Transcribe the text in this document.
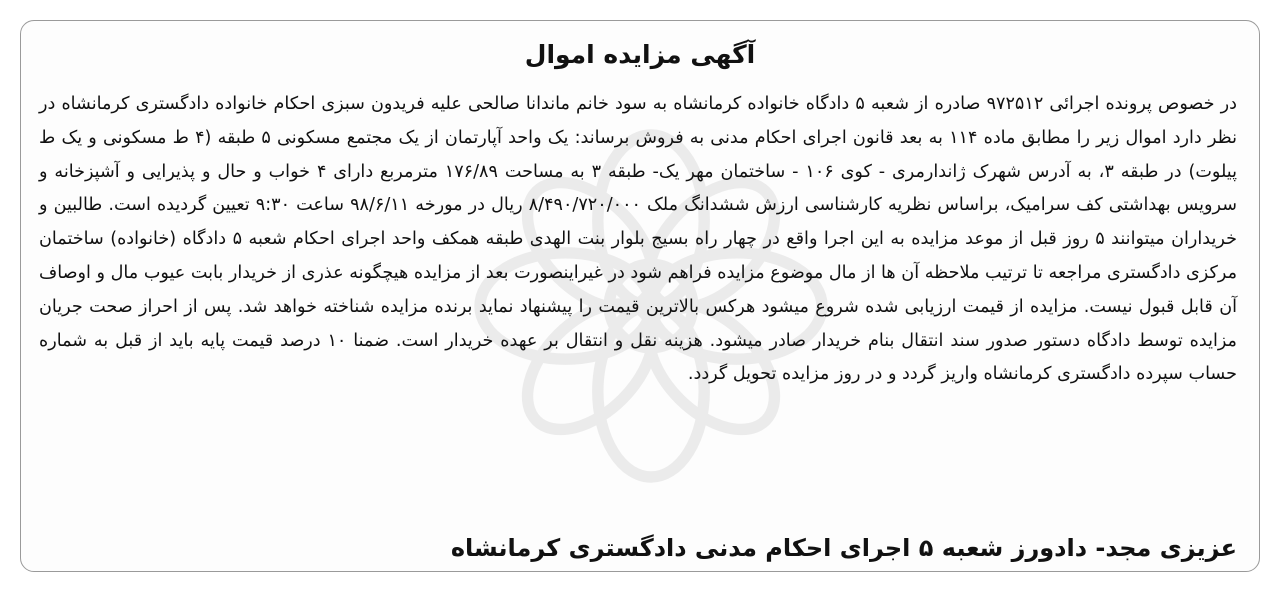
آگهی مزایده اموال

در خصوص پرونده اجرائی ۹۷۲۵۱۲ صادره از شعبه ۵ دادگاه خانواده کرمانشاه به سود خانم ماندانا صالحی علیه فریدون سبزی احکام خانواده دادگستری کرمانشاه در نظر دارد اموال زیر را مطابق ماده ۱۱۴ به بعد قانون اجرای احکام مدنی به فروش برساند: یک واحد آپارتمان از یک مجتمع مسکونی ۵ طبقه (۴ ط مسکونی و یک ط پیلوت) در طبقه ۳، به آدرس شهرک ژاندارمری - کوی ۱۰۶ - ساختمان مهر یک- طبقه ۳ به مساحت ۱۷۶/۸۹ مترمربع دارای ۴ خواب و حال و پذیرایی و آشپزخانه و سرویس بهداشتی کف سرامیک، براساس نظریه کارشناسی ارزش ششدانگ ملک ۸/۴۹۰/۷۲۰/۰۰۰ ریال در مورخه ۹۸/۶/۱۱ ساعت ۹:۳۰ تعیین گردیده است. طالبین و خریداران میتوانند ۵ روز قبل از موعد مزایده به این اجرا واقع در چهار راه بسیج بلوار بنت الهدی طبقه همکف واحد اجرای احکام شعبه ۵ دادگاه (خانواده) ساختمان مرکزی دادگستری مراجعه تا ترتیب ملاحظه آن ها از مال موضوع مزایده فراهم شود در غیراینصورت بعد از مزایده هیچگونه عذری از خریدار بابت عیوب مال و اوصاف آن قابل قبول نیست. مزایده از قیمت ارزیابی شده شروع میشود هرکس بالاترین قیمت را پیشنهاد نماید برنده مزایده شناخته خواهد شد. پس از احراز صحت جریان مزایده توسط دادگاه دستور صدور سند انتقال بنام خریدار صادر میشود. هزینه نقل و انتقال بر عهده خریدار است. ضمنا ۱۰ درصد قیمت پایه باید از قبل به شماره حساب سپرده دادگستری کرمانشاه واریز گردد و در روز مزایده تحویل گردد.

عزیزی مجد- دادورز شعبه ۵ اجرای احکام مدنی دادگستری کرمانشاه
